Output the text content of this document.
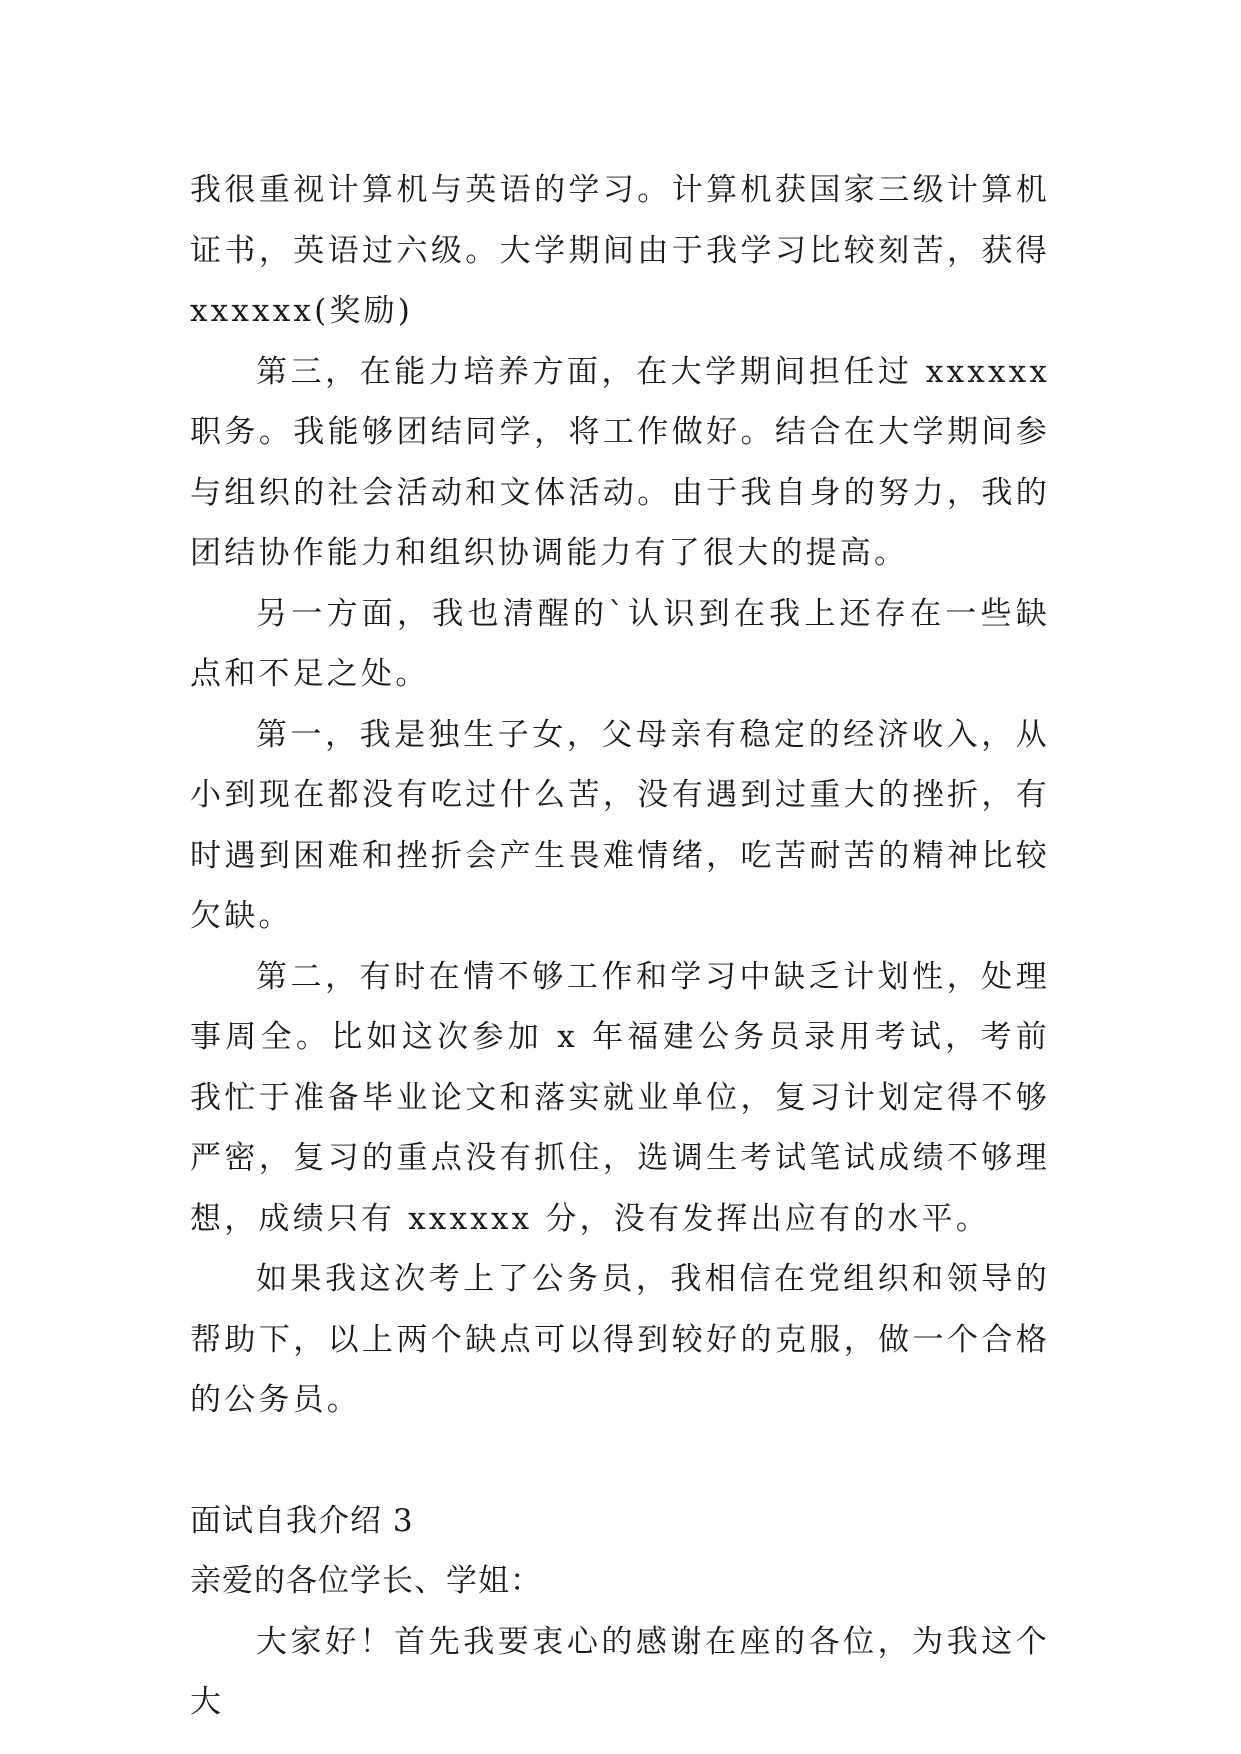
我很重视计算机与英语的学习。计算机获国家三级计算机证书，英语过六级。大学期间由于我学习比较刻苦，获得xxxxxx(奖励)

第三，在能力培养方面，在大学期间担任过 xxxxxx 职务。我能够团结同学，将工作做好。结合在大学期间参与组织的社会活动和文体活动。由于我自身的努力，我的团结协作能力和组织协调能力有了很大的提高。

另一方面，我也清醒的`认识到在我上还存在一些缺点和不足之处。

第一，我是独生子女，父母亲有稳定的经济收入，从小到现在都没有吃过什么苦，没有遇到过重大的挫折，有时遇到困难和挫折会产生畏难情绪，吃苦耐苦的精神比较欠缺。

第二，有时在情不够工作和学习中缺乏计划性，处理事周全。比如这次参加 x 年福建公务员录用考试，考前我忙于准备毕业论文和落实就业单位，复习计划定得不够严密，复习的重点没有抓住，选调生考试笔试成绩不够理想，成绩只有 xxxxxx 分，没有发挥出应有的水平。

如果我这次考上了公务员，我相信在党组织和领导的帮助下，以上两个缺点可以得到较好的克服，做一个合格的公务员。

面试自我介绍 3

亲爱的各位学长、学姐：

大家好！首先我要衷心的感谢在座的各位，为我这个大
